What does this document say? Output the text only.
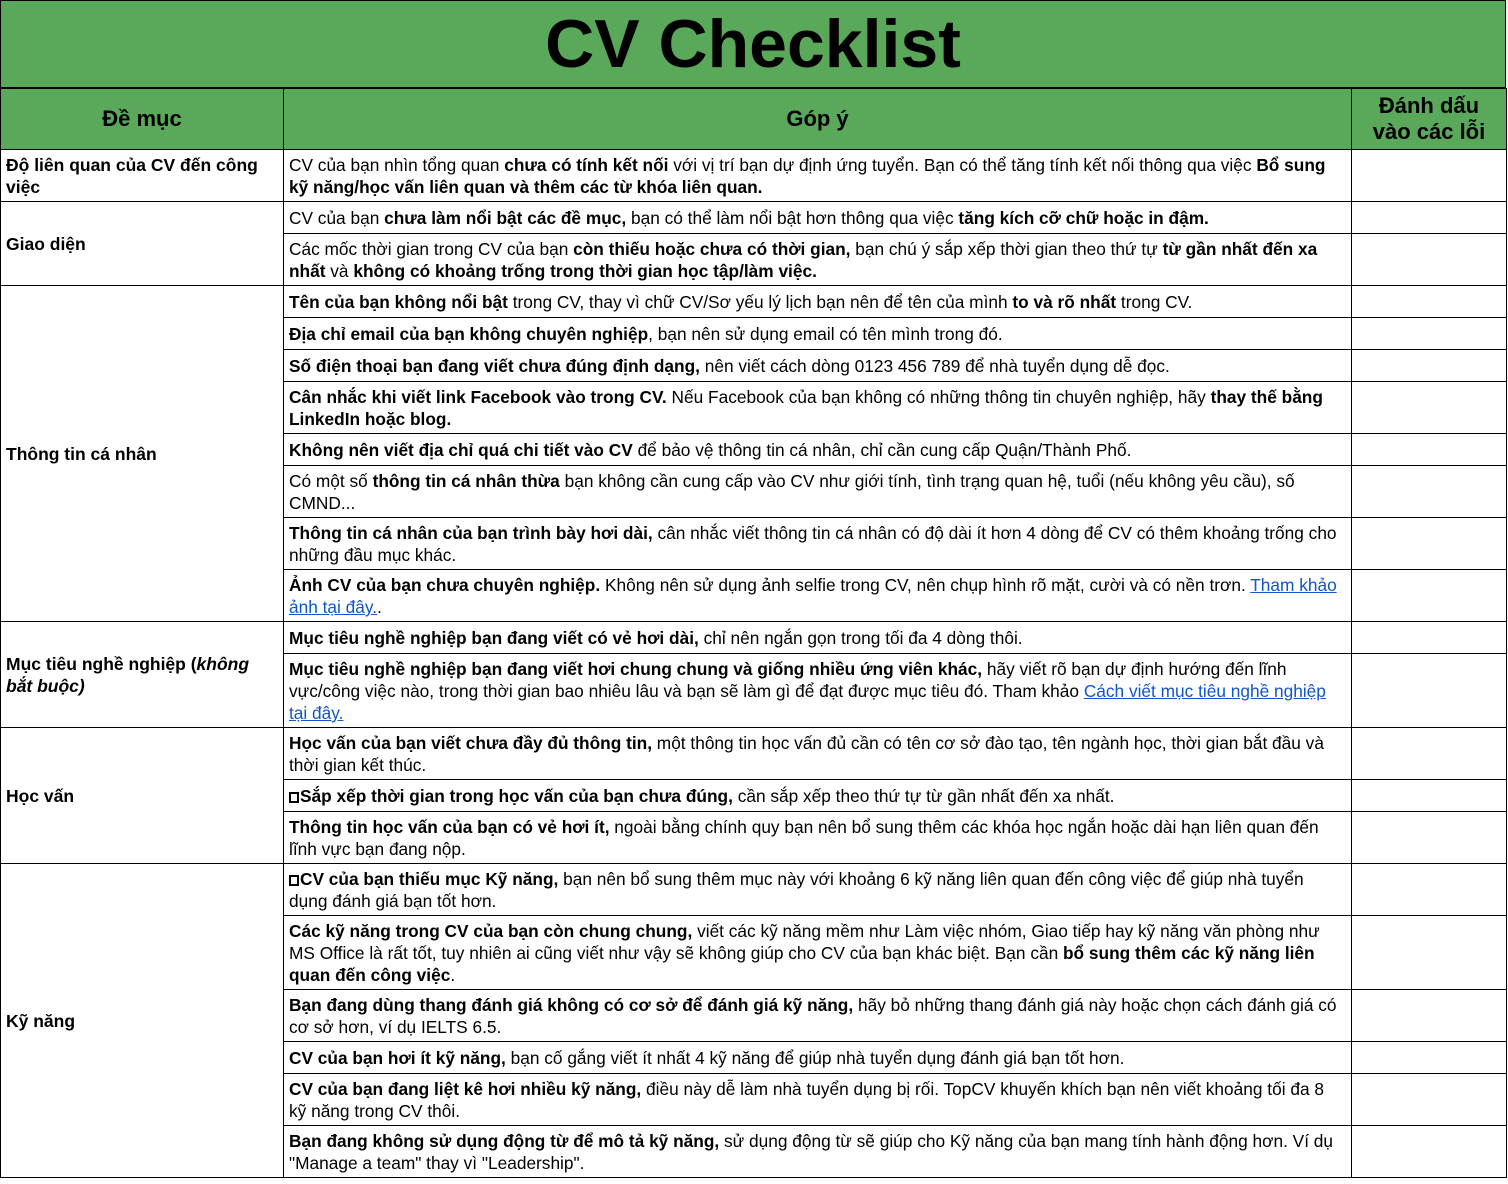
CV Checklist
Đề mục	Góp ý	Đánh dấu vào các lỗi
Độ liên quan của CV đến công việc	CV của bạn nhìn tổng quan chưa có tính kết nối với vị trí bạn dự định ứng tuyển. Bạn có thể tăng tính kết nối thông qua việc Bổ sung kỹ năng/học vấn liên quan và thêm các từ khóa liên quan.	
Giao diện	CV của bạn chưa làm nổi bật các đề mục, bạn có thể làm nổi bật hơn thông qua việc tăng kích cỡ chữ hoặc in đậm.	
	Các mốc thời gian trong CV của bạn còn thiếu hoặc chưa có thời gian, bạn chú ý sắp xếp thời gian theo thứ tự từ gần nhất đến xa nhất và không có khoảng trống trong thời gian học tập/làm việc.	
Thông tin cá nhân	Tên của bạn không nổi bật trong CV, thay vì chữ CV/Sơ yếu lý lịch bạn nên để tên của mình to và rõ nhất trong CV.	
	Địa chỉ email của bạn không chuyên nghiệp, bạn nên sử dụng email có tên mình trong đó.	
	Số điện thoại bạn đang viết chưa đúng định dạng, nên viết cách dòng 0123 456 789 để nhà tuyển dụng dễ đọc.	
	Cân nhắc khi viết link Facebook vào trong CV. Nếu Facebook của bạn không có những thông tin chuyên nghiệp, hãy thay thế bằng LinkedIn hoặc blog.	
	Không nên viết địa chỉ quá chi tiết vào CV để bảo vệ thông tin cá nhân, chỉ cần cung cấp Quận/Thành Phố.	
	Có một số thông tin cá nhân thừa bạn không cần cung cấp vào CV như giới tính, tình trạng quan hệ, tuổi (nếu không yêu cầu), số CMND...	
	Thông tin cá nhân của bạn trình bày hơi dài, cân nhắc viết thông tin cá nhân có độ dài ít hơn 4 dòng để CV có thêm khoảng trống cho những đầu mục khác.	
	Ảnh CV của bạn chưa chuyên nghiệp. Không nên sử dụng ảnh selfie trong CV, nên chụp hình rõ mặt, cười và có nền trơn. Tham khảo ảnh tại đây..	
Mục tiêu nghề nghiệp (không bắt buộc)	Mục tiêu nghề nghiệp bạn đang viết có vẻ hơi dài, chỉ nên ngắn gọn trong tối đa 4 dòng thôi.	
	Mục tiêu nghề nghiệp bạn đang viết hơi chung chung và giống nhiều ứng viên khác, hãy viết rõ bạn dự định hướng đến lĩnh vực/công việc nào, trong thời gian bao nhiêu lâu và bạn sẽ làm gì để đạt được mục tiêu đó. Tham khảo Cách viết mục tiêu nghề nghiệp tại đây.	
Học vấn	Học vấn của bạn viết chưa đầy đủ thông tin, một thông tin học vấn đủ cần có tên cơ sở đào tạo, tên ngành học, thời gian bắt đầu và thời gian kết thúc.	
	Sắp xếp thời gian trong học vấn của bạn chưa đúng, cần sắp xếp theo thứ tự từ gần nhất đến xa nhất.	
	Thông tin học vấn của bạn có vẻ hơi ít, ngoài bằng chính quy bạn nên bổ sung thêm các khóa học ngắn hoặc dài hạn liên quan đến lĩnh vực bạn đang nộp.	
Kỹ năng	CV của bạn thiếu mục Kỹ năng, bạn nên bổ sung thêm mục này với khoảng 6 kỹ năng liên quan đến công việc để giúp nhà tuyển dụng đánh giá bạn tốt hơn.	
	Các kỹ năng trong CV của bạn còn chung chung, viết các kỹ năng mềm như Làm việc nhóm, Giao tiếp hay kỹ năng văn phòng như MS Office là rất tốt, tuy nhiên ai cũng viết như vậy sẽ không giúp cho CV của bạn khác biệt. Bạn cần bổ sung thêm các kỹ năng liên quan đến công việc.	
	Bạn đang dùng thang đánh giá không có cơ sở để đánh giá kỹ năng, hãy bỏ những thang đánh giá này hoặc chọn cách đánh giá có cơ sở hơn, ví dụ IELTS 6.5.	
	CV của bạn hơi ít kỹ năng, bạn cố gắng viết ít nhất 4 kỹ năng để giúp nhà tuyển dụng đánh giá bạn tốt hơn.	
	CV của bạn đang liệt kê hơi nhiều kỹ năng, điều này dễ làm nhà tuyển dụng bị rối. TopCV khuyến khích bạn nên viết khoảng tối đa 8 kỹ năng trong CV thôi.	
	Bạn đang không sử dụng động từ để mô tả kỹ năng, sử dụng động từ sẽ giúp cho Kỹ năng của bạn mang tính hành động hơn. Ví dụ "Manage a team" thay vì "Leadership".	
